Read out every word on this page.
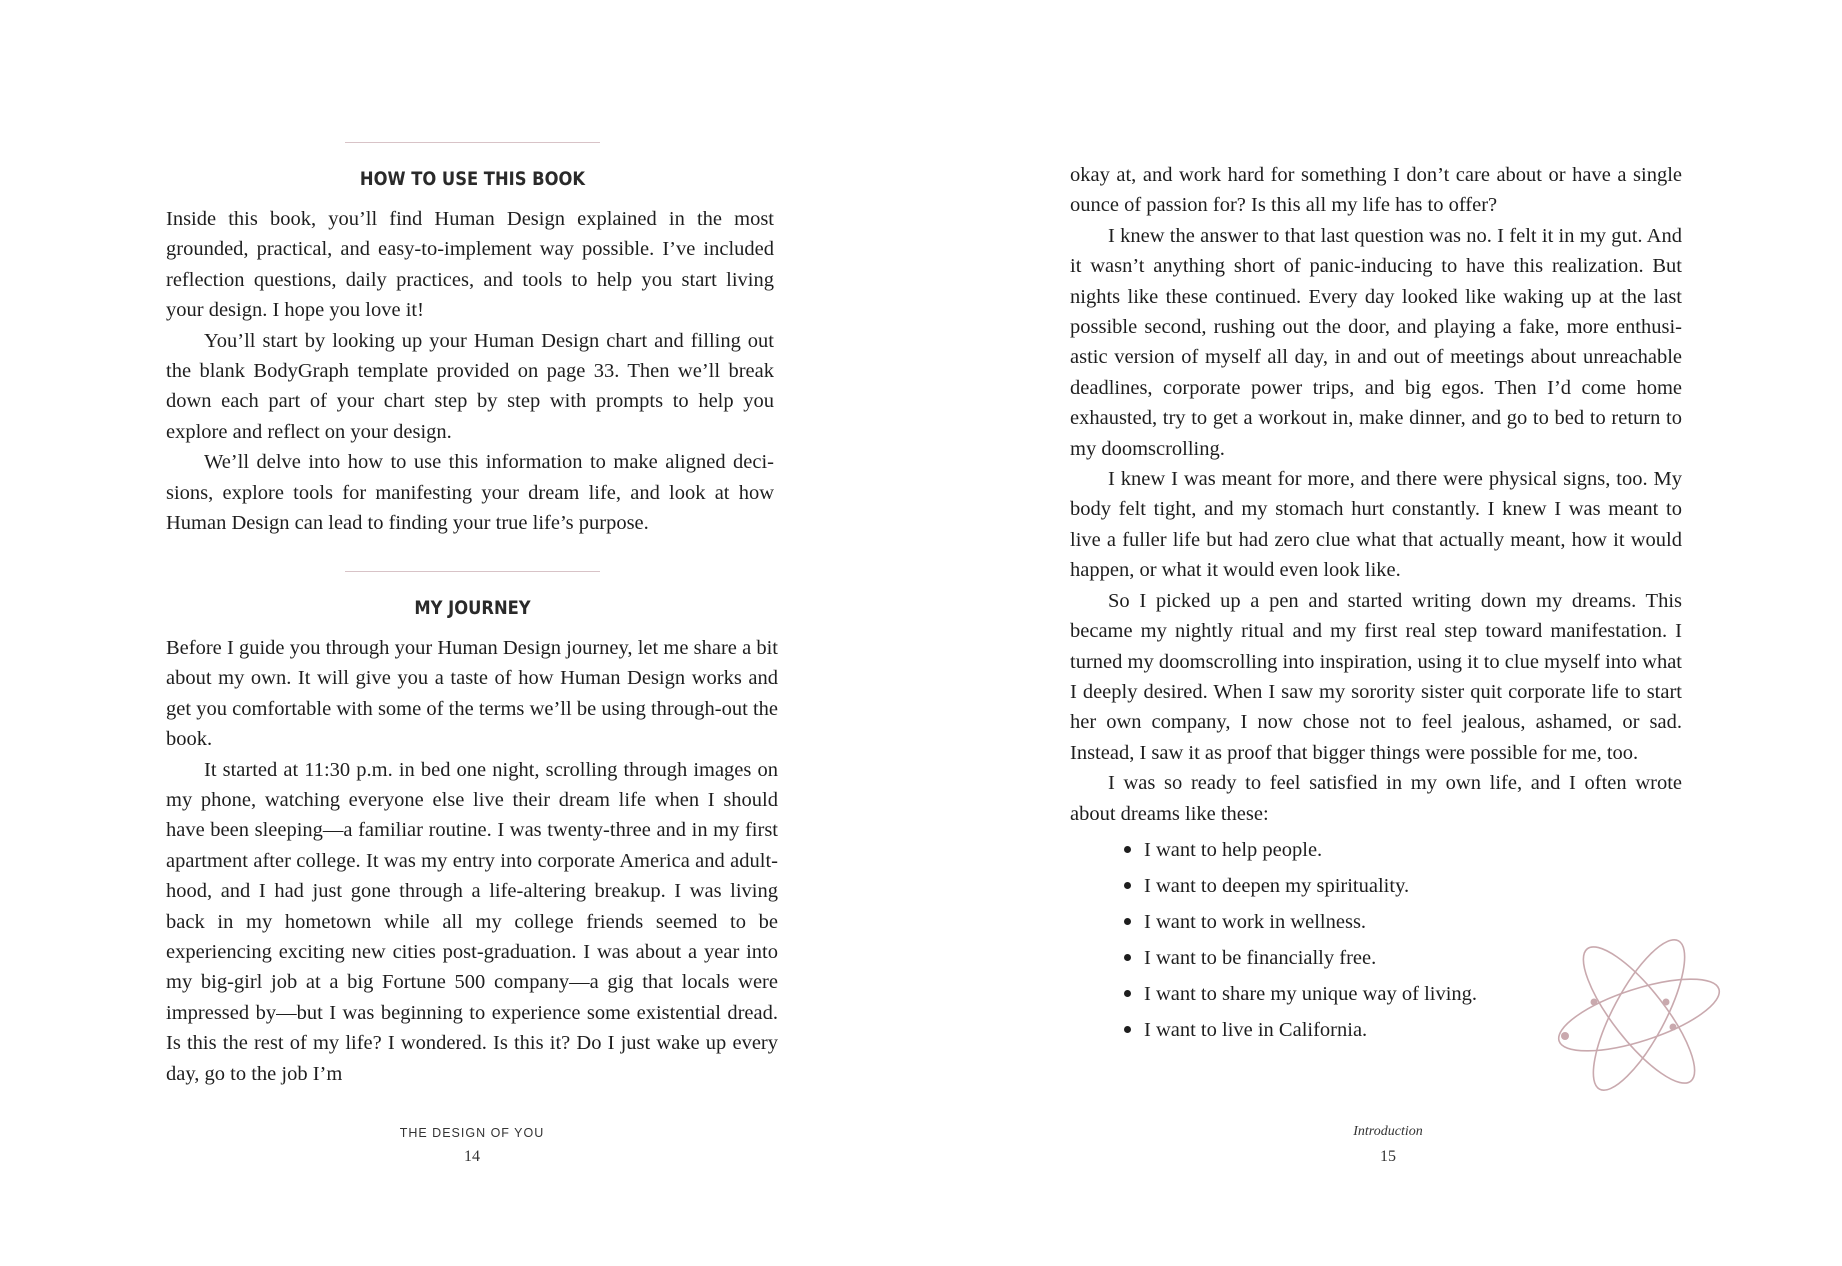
HOW TO USE THIS BOOK

Inside this book, you’ll find Human Design explained in the most grounded, practical, and easy-to-implement way possible. I’ve included reflection questions, daily practices, and tools to help you start living your design. I hope you love it!

You’ll start by looking up your Human Design chart and filling out the blank BodyGraph template provided on page 33. Then we’ll break down each part of your chart step by step with prompts to help you explore and reflect on your design.

We’ll delve into how to use this information to make aligned deci-sions, explore tools for manifesting your dream life, and look at how Human Design can lead to finding your true life’s purpose.

MY JOURNEY

Before I guide you through your Human Design journey, let me share a bit about my own. It will give you a taste of how Human Design works and get you comfortable with some of the terms we’ll be using through-out the book.

It started at 11:30 p.m. in bed one night, scrolling through images on my phone, watching everyone else live their dream life when I should have been sleeping—a familiar routine. I was twenty-three and in my first apartment after college. It was my entry into corporate America and adult-hood, and I had just gone through a life-altering breakup. I was living back in my hometown while all my college friends seemed to be experiencing exciting new cities post-graduation. I was about a year into my big-girl job at a big Fortune 500 company—a gig that locals were impressed by—but I was beginning to experience some existential dread. Is this the rest of my life? I wondered. Is this it? Do I just wake up every day, go to the job I’m

THE DESIGN OF YOU
14

okay at, and work hard for something I don’t care about or have a single ounce of passion for? Is this all my life has to offer?

I knew the answer to that last question was no. I felt it in my gut. And it wasn’t anything short of panic-inducing to have this realization. But nights like these continued. Every day looked like waking up at the last possible second, rushing out the door, and playing a fake, more enthusi-astic version of myself all day, in and out of meetings about unreachable deadlines, corporate power trips, and big egos. Then I’d come home exhausted, try to get a workout in, make dinner, and go to bed to return to my doomscrolling.

I knew I was meant for more, and there were physical signs, too. My body felt tight, and my stomach hurt constantly. I knew I was meant to live a fuller life but had zero clue what that actually meant, how it would happen, or what it would even look like.

So I picked up a pen and started writing down my dreams. This became my nightly ritual and my first real step toward manifestation. I turned my doomscrolling into inspiration, using it to clue myself into what I deeply desired. When I saw my sorority sister quit corporate life to start her own company, I now chose not to feel jealous, ashamed, or sad. Instead, I saw it as proof that bigger things were possible for me, too.

I was so ready to feel satisfied in my own life, and I often wrote about dreams like these:

I want to help people.
I want to deepen my spirituality.
I want to work in wellness.
I want to be financially free.
I want to share my unique way of living.
I want to live in California.
Introduction
15
